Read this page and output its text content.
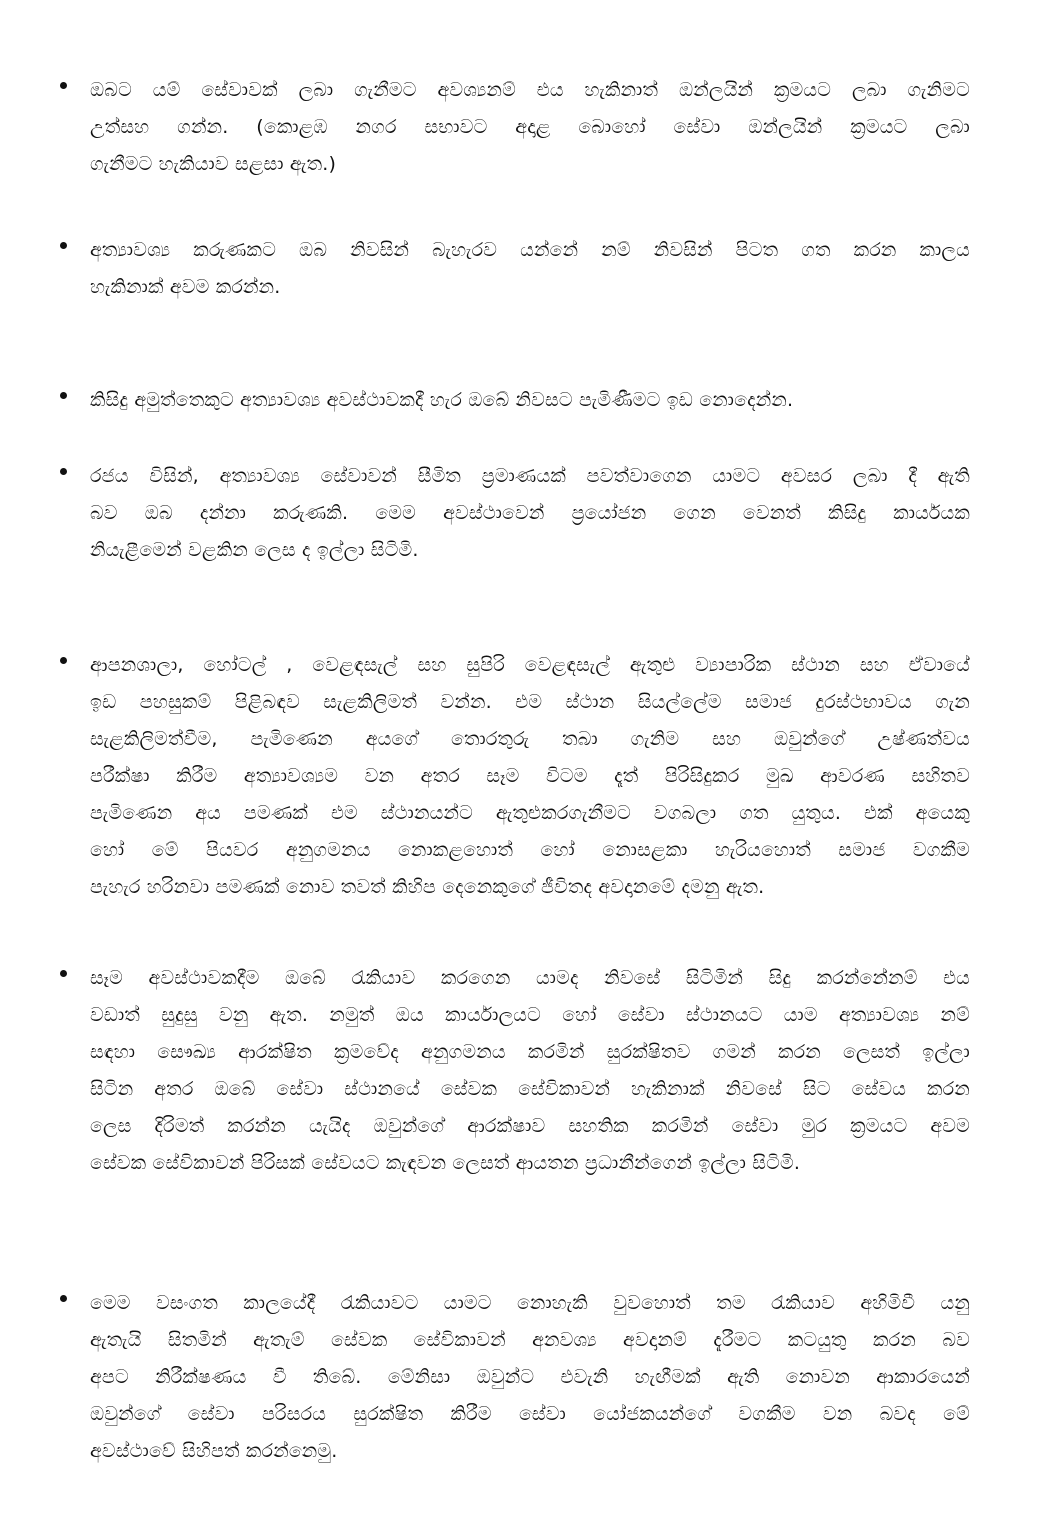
ඔබට යම් සේවාවක් ලබා ගැනීමට අවශ්‍යනම් එය හැකිනාත් ඔන්ලයින් ක්‍රමයට ලබා ගැනිමට
උත්සහ ගන්න. (කොළඹ නගර සභාවට අදාළ බොහෝ සේවා ඔන්ලයින් ක්‍රමයට ලබා
ගැනීමට හැකියාව සළසා ඇත.)
අත්‍යාවශ්‍ය කරුණකට ඔබ නිවසින් බැහැරව යන්නේ නම් නිවසින් පිටත ගත කරන කාලය
හැකිනාක් අවම කරන්න.
කිසිදු අමුත්තෙකුට අත්‍යාවශ්‍ය අවස්ථාවකදී හැර ඔබේ නිවසට පැමිණීමට ඉඩ නොදෙන්න.
රජය විසින්, අත්‍යාවශ්‍ය සේවාවන් සීමිත ප්‍රමාණයක් පවත්වාගෙන යාමට අවසර ලබා දී ඇති
බව ඔබ දන්නා කරුණකි. මෙම අවස්ථාවෙන් ප්‍රයෝජන ගෙන වෙනත් කිසිදු කාර්යයක
නියැළීමෙන් වළකින ලෙස ද ඉල්ලා සිටිමි.
ආපනශාලා, හෝටල් , වෙළඳසැල් සහ සුපිරි වෙළඳසැල් ඇතුළු ව්‍යාපාරික ස්ථාන සහ ඒවායේ
ඉඩ පහසුකම් පිළිබඳව සැළකිලිමත් වන්න. එම ස්ථාන සියල්ලේම සමාජ දුරස්ථභාවය ගැන
සැළකිලිමත්වීම, පැමිණෙන අයගේ තොරතුරු තබා ගැනිම සහ ඔවුන්ගේ උෂ්ණත්වය
පරීක්ෂා කිරීම අත්‍යාවශ්‍යම වන අතර සෑම විටම දෑත් පිරිසිදුකර මුඛ ආවරණ සහිතව
පැමිණෙන අය පමණක් එම ස්ථානයන්ට ඇතුළුකරගැනීමට වගබලා ගත යුතුය. එක් අයෙකු
හෝ මේ පියවර අනුගමනය නොකළහොත් හෝ නොසළකා හැරියහොත් සමාජ වගකීම
පැහැර හරිනවා පමණක් නොව තවත් කිහිප දෙනෙකුගේ ජීවිතද අවදානමේ දමනු ඇත.
සෑම අවස්ථාවකදීම ඔබේ රැකියාව කරගෙන යාමද නිවසේ සිටිමින් සිදු කරන්නේනම් එය
වඩාත් සුදුසු වනු ඇත. නමුත් ඔය කාර්යාලයට හෝ සේවා ස්ථානයට යාම අත්‍යාවශ්‍ය නම්
සඳහා සෞඛ්‍ය ආරක්ෂිත ක්‍රමවේද අනුගමනය කරමින් සුරක්ෂිතව ගමන් කරන ලෙසත් ඉල්ලා
සිටින අතර ඔබේ සේවා ස්ථානයේ සේවක සේවිකාවන් හැකිනාක් නිවසේ සිට සේවය කරන
ලෙස දිරිමත් කරන්න යැයිද ඔවුන්ගේ ආරක්ෂාව සහතික කරමින් සේවා මුර ක්‍රමයට අවම
සේවක සේවිකාවන් පිරිසක් සේවයට කැඳවන ලෙසත් ආයතන ප්‍රධානීන්ගෙන් ඉල්ලා සිටිමි.
මෙම වසංගත කාලයේදී රැකියාවට යාමට නොහැකි වුවහොත් තම රැකියාව අහිමිවී යනු
ඇතැයි සිතමින් ඇතැම් සේවක සේවිකාවන් අනවශ්‍ය අවදානම් දැරීමට කටයුතු කරන බව
අපට නිරීක්ෂණය වී තිබේ. මේනිසා ඔවුන්ට එවැනි හැඟීමක් ඇති නොවන ආකාරයෙන්
ඔවුන්ගේ සේවා පරිසරය සුරක්ෂිත කිරීම සේවා යෝජකයන්ගේ වගකීම වන බවද මේ
අවස්ථාවේ සිහිපත් කරන්නෙමු.
